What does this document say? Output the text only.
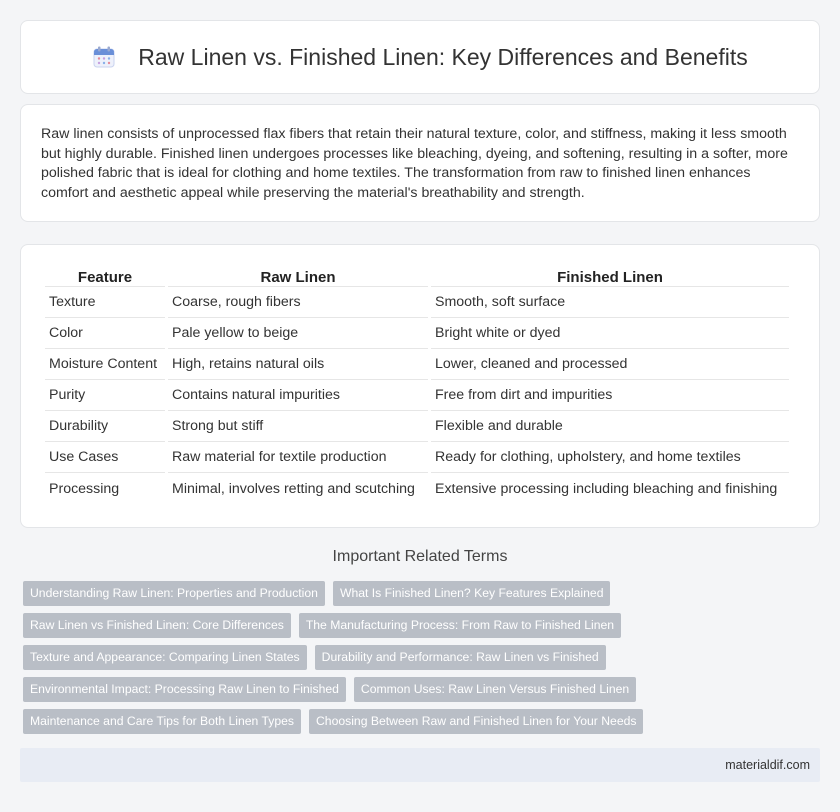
Raw Linen vs. Finished Linen: Key Differences and Benefits

Raw linen consists of unprocessed flax fibers that retain their natural texture, color, and stiffness, making it less smooth but highly durable. Finished linen undergoes processes like bleaching, dyeing, and softening, resulting in a softer, more polished fabric that is ideal for clothing and home textiles. The transformation from raw to finished linen enhances comfort and aesthetic appeal while preserving the material's breathability and strength.

Feature	Raw Linen	Finished Linen
Texture	Coarse, rough fibers	Smooth, soft surface
Color	Pale yellow to beige	Bright white or dyed
Moisture Content	High, retains natural oils	Lower, cleaned and processed
Purity	Contains natural impurities	Free from dirt and impurities
Durability	Strong but stiff	Flexible and durable
Use Cases	Raw material for textile production	Ready for clothing, upholstery, and home textiles
Processing	Minimal, involves retting and scutching	Extensive processing including bleaching and finishing
Important Related Terms
Understanding Raw Linen: Properties and Production	What Is Finished Linen? Key Features Explained
Raw Linen vs Finished Linen: Core Differences	The Manufacturing Process: From Raw to Finished Linen
Texture and Appearance: Comparing Linen States	Durability and Performance: Raw Linen vs Finished
Environmental Impact: Processing Raw Linen to Finished	Common Uses: Raw Linen Versus Finished Linen
Maintenance and Care Tips for Both Linen Types	Choosing Between Raw and Finished Linen for Your Needs
materialdif.com
